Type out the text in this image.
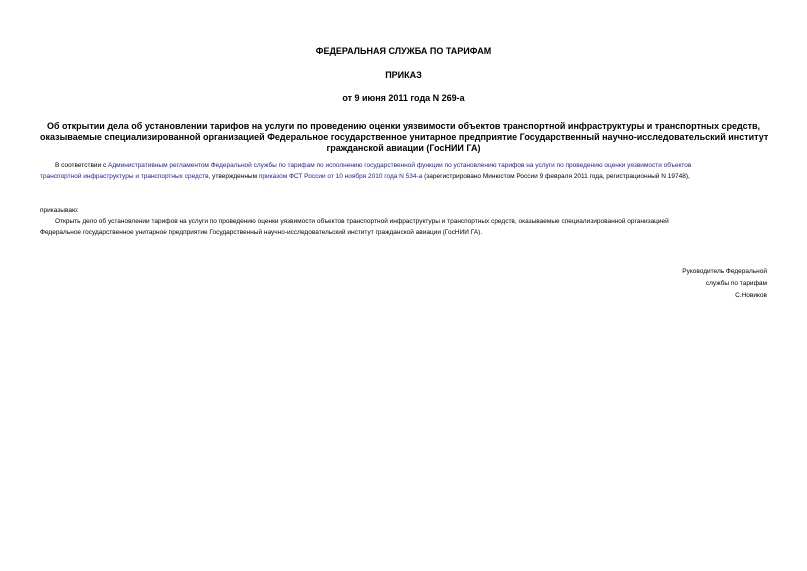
ФЕДЕРАЛЬНАЯ СЛУЖБА ПО ТАРИФАМ
ПРИКАЗ
от 9 июня 2011 года N 269-а
Об открытии дела об установлении тарифов на услуги по проведению оценки уязвимости объектов транспортной инфраструктуры и транспортных средств,
оказываемые специализированной организацией Федеральное государственное унитарное предприятие Государственный научно-исследовательский институт
гражданской авиации (ГосНИИ ГА)
В соответствии с Административным регламентом Федеральной службы по тарифам по исполнению государственной функции по установлению тарифов на услуги по проведению оценки уязвимости объектов
транспортной инфраструктуры и транспортных средств, утвержденным приказом ФСТ России от 10 ноября 2010 года N 534-а (зарегистрировано Минюстом России 9 февраля 2011 года, регистрационный N 19748),
приказываю:
Открыть дело об установлении тарифов на услуги по проведению оценки уязвимости объектов транспортной инфраструктуры и транспортных средств, оказываемые специализированной организацией
Федеральное государственное унитарное предприятие Государственный научно-исследовательский институт гражданской авиации (ГосНИИ ГА).
Руководитель Федеральной
службы по тарифам
С.Новиков
